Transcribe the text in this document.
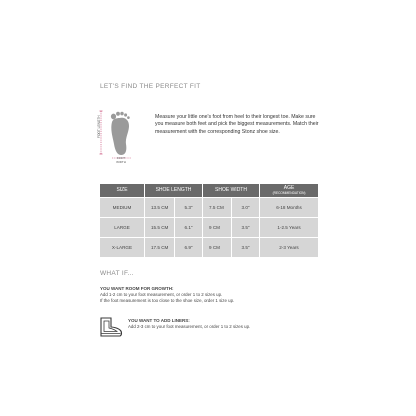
LET'S FIND THE PERFECT FIT
FOOT LENGTH
FOOT WIDTH
Measure your little one's foot from heel to their longest toe. Make sure you measure both feet and pick the biggest measurements. Match their measurement with the corresponding Stonz shoe size.
SIZE	SHOE LENGTH		SHOE WIDTH		AGE
(RECOMMENDATION)

MEDIUM	13.5 CM	5.3"	7.5 CM	3.0"	6-18 Months
LARGE	15.5 CM	6.1"	9 CM	3.5"	1-2.5 Years
X-LARGE	17.5 CM	6.9"	9 CM	3.5"	2-3 Years
WHAT IF...
YOU WANT ROOM FOR GROWTH:
Add 1-2 cm to your foot measurement, or order 1 to 2 sizes up.
If the foot measurement is too close to the shoe size, order 1 size up.
YOU WANT TO ADD LINERS:
Add 2-3 cm to your foot measurement, or order 1 to 2 sizes up.
